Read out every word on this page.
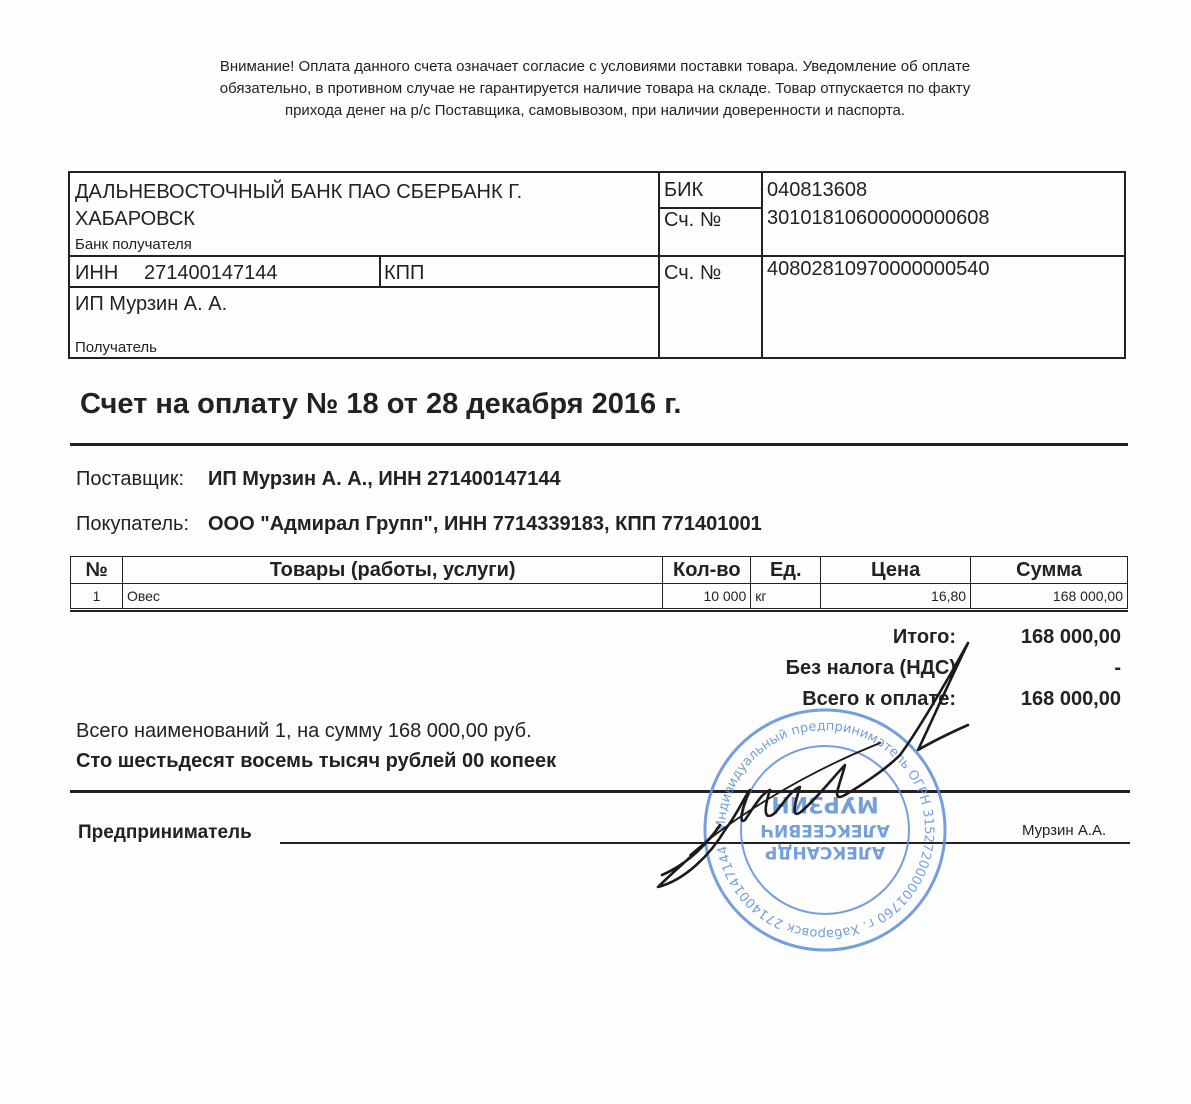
Внимание! Оплата данного счета означает согласие с условиями поставки товара. Уведомление об оплате
обязательно, в противном случае не гарантируется наличие товара на складе. Товар отпускается по факту
прихода денег на р/с Поставщика, самовывозом, при наличии доверенности и паспорта.
ДАЛЬНЕВОСТОЧНЫЙ БАНК ПАО СБЕРБАНК Г.
ХАБАРОВСК
Банк получателя
БИК	040813608
Сч. № 30101810600000000608
ИНН 271400147144	КПП	Сч. № 40802810970000000540
ИП Мурзин А. А.
Получатель
Счет на оплату № 18 от 28 декабря 2016 г.
Поставщик: ИП Мурзин А. А., ИНН 271400147144
Покупатель: ООО "Адмирал Групп", ИНН 7714339183, КПП 771401001
№	Товары (работы, услуги)	Кол-во	Ед.	Цена	Сумма
1	Овес	10 000	кг	16,80	168 000,00
Итого:	168 000,00
Без налога (НДС)	-
Всего к оплате:	168 000,00
Всего наименований 1, на сумму 168 000,00 руб.
Сто шестьдесят восемь тысяч рублей 00 копеек
Предприниматель	Мурзин А.А.
Индивидуальный предприниматель ОГРН 315272000001760 г. Хабаровск 271400147144	АЛЕКСАНДР
АЛЕКСЕЕВИЧ
МУРЗИН
